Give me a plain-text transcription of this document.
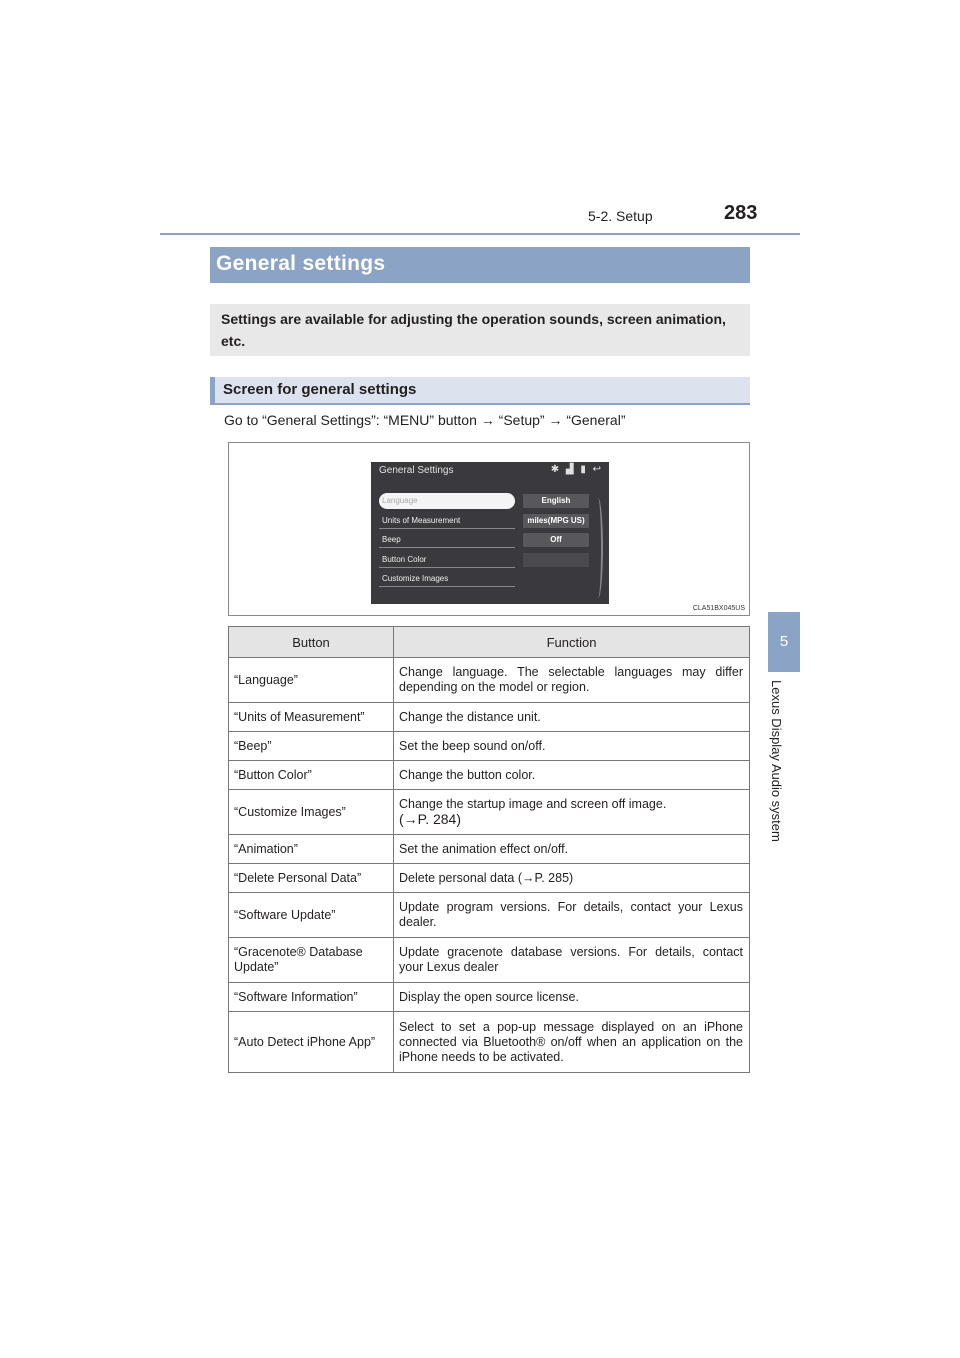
5-2. Setup	283
5
Lexus Display Audio system
General settings
Settings are available for adjusting the operation sounds, screen animation, etc.
Screen for general settings
Go to “General Settings”: “MENU” button → “Setup” → “General”
General Settings	✱ ▟ ▮ ↩
Language	English
Units of Measurement	miles(MPG US)
Beep	Off
Button Color
Customize Images
CLA51BX045US
Button	Function
“Language”	Change language. The selectable languages may differ depending on the model or region.
“Units of Measurement”	Change the distance unit.
“Beep”	Set the beep sound on/off.
“Button Color”	Change the button color.
“Customize Images”	Change the startup image and screen off image.
(→P. 284)
“Animation”	Set the animation effect on/off.
“Delete Personal Data”	Delete personal data (→P. 285)
“Software Update”	Update program versions. For details, contact your Lexus dealer.
“Gracenote® Database Update”	Update gracenote database versions. For details, contact your Lexus dealer
“Software Information”	Display the open source license.
“Auto Detect iPhone App”	Select to set a pop-up message displayed on an iPhone connected via Bluetooth® on/off when an application on the iPhone needs to be activated.
